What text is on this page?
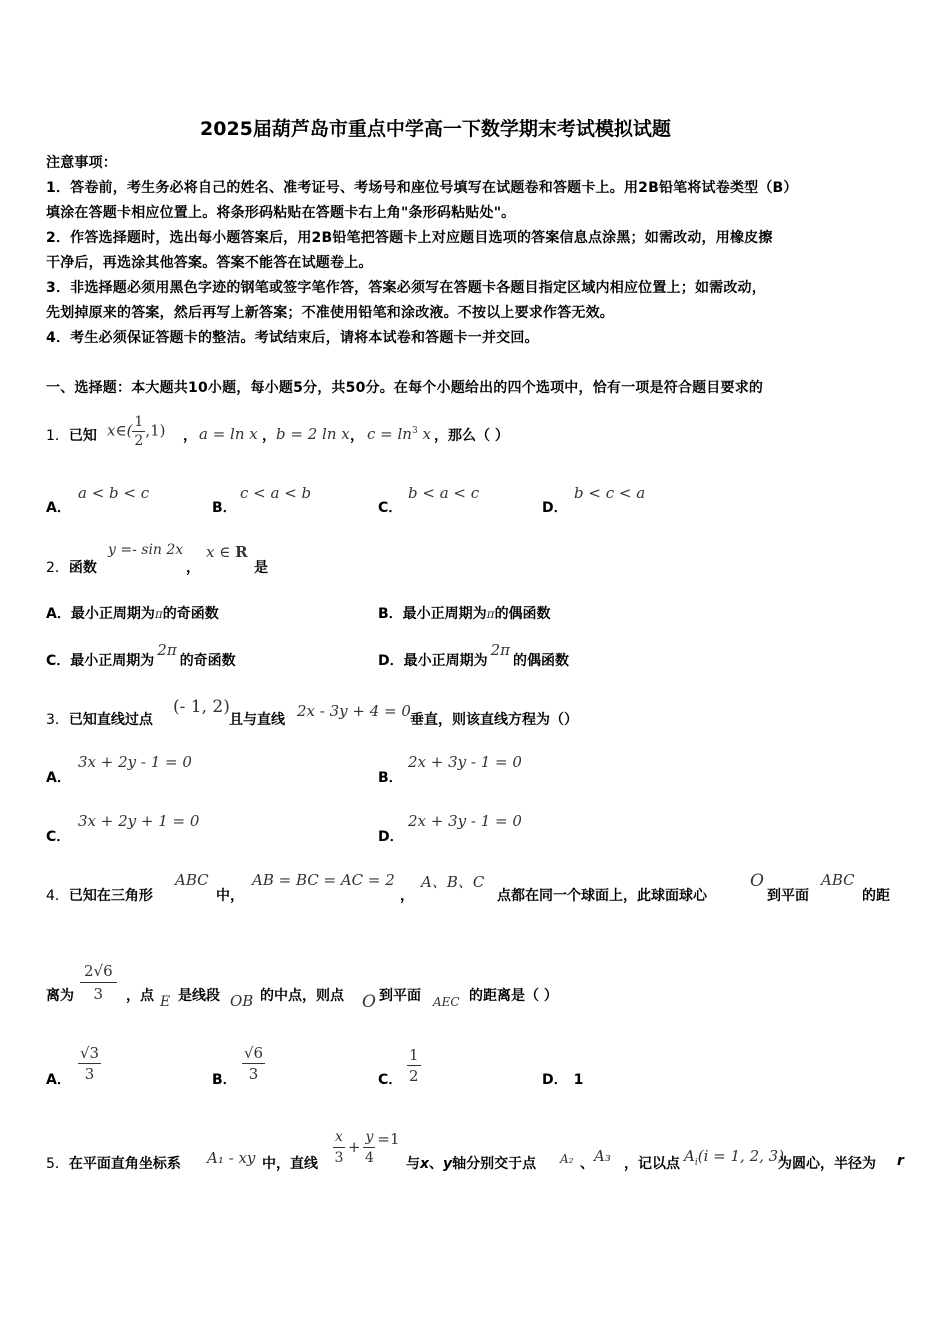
2025届葫芦岛市重点中学高一下数学期末考试模拟试题
注意事项：
1．答卷前，考生务必将自己的姓名、准考证号、考场号和座位号填写在试题卷和答题卡上。用2B铅笔将试卷类型（B）
填涂在答题卡相应位置上。将条形码粘贴在答题卡右上角"条形码粘贴处"。
2．作答选择题时，选出每小题答案后，用2B铅笔把答题卡上对应题目选项的答案信息点涂黑；如需改动，用橡皮擦
干净后，再选涂其他答案。答案不能答在试题卷上。
3．非选择题必须用黑色字迹的钢笔或签字笔作答，答案必须写在答题卡各题目指定区域内相应位置上；如需改动，
先划掉原来的答案，然后再写上新答案；不准使用铅笔和涂改液。不按以上要求作答无效。
4．考生必须保证答题卡的整洁。考试结束后，请将本试卷和答题卡一并交回。
一、选择题：本大题共10小题，每小题5分，共50分。在每个小题给出的四个选项中，恰有一项是符合题目要求的
1．已知 x∈( $\frac{1}{2} ,1$) ， a = ln x ， b = 2 ln x ， $c = \ln^3 x$ ，那么（ ）
A．
a < b < c
B．
c < a < b
C．
b < a < c
D．
b < c < a
2．函数
y =- sin 2x
，
x ∈ R
是
A．最小正周期为π的奇函数	B．最小正周期为π的偶函数
C．最小正周期为2π的奇函数	D．最小正周期为2π的偶函数
3．已知直线过点
(- 1, 2)
且与直线 2x - 3y + 4 = 0 垂直，则该直线方程为（）
A．
3x + 2y - 1 = 0
B．
2x + 3y - 1 = 0
C．
3x + 2y + 1 = 0
D．
2x + 3y - 1 = 0
4．已知在三角形
ABC
中，
AB = BC = AC = 2
，
A、B、C
点都在同一个球面上，此球面球心
O
到平面
ABC
的距
离为 $\frac{2√6}{3}$ ，点 E 是线段 OB 的中点，则点 O 到平面 AEC 的距离是（ ）
A． $\frac{√3}{3}$	B． $\frac{√6}{3}$	C． $\frac{1}{2}$	D． 1
5．在平面直角坐标系 A₁ - xy 中，直线 $\frac{x}{3} + \frac{y}{4} =1$
与x、y轴分别交于点 A₂ 、 A₃ ，记以点 $A_i(i = 1$, 2, 3)
为圆心，半径为 r
